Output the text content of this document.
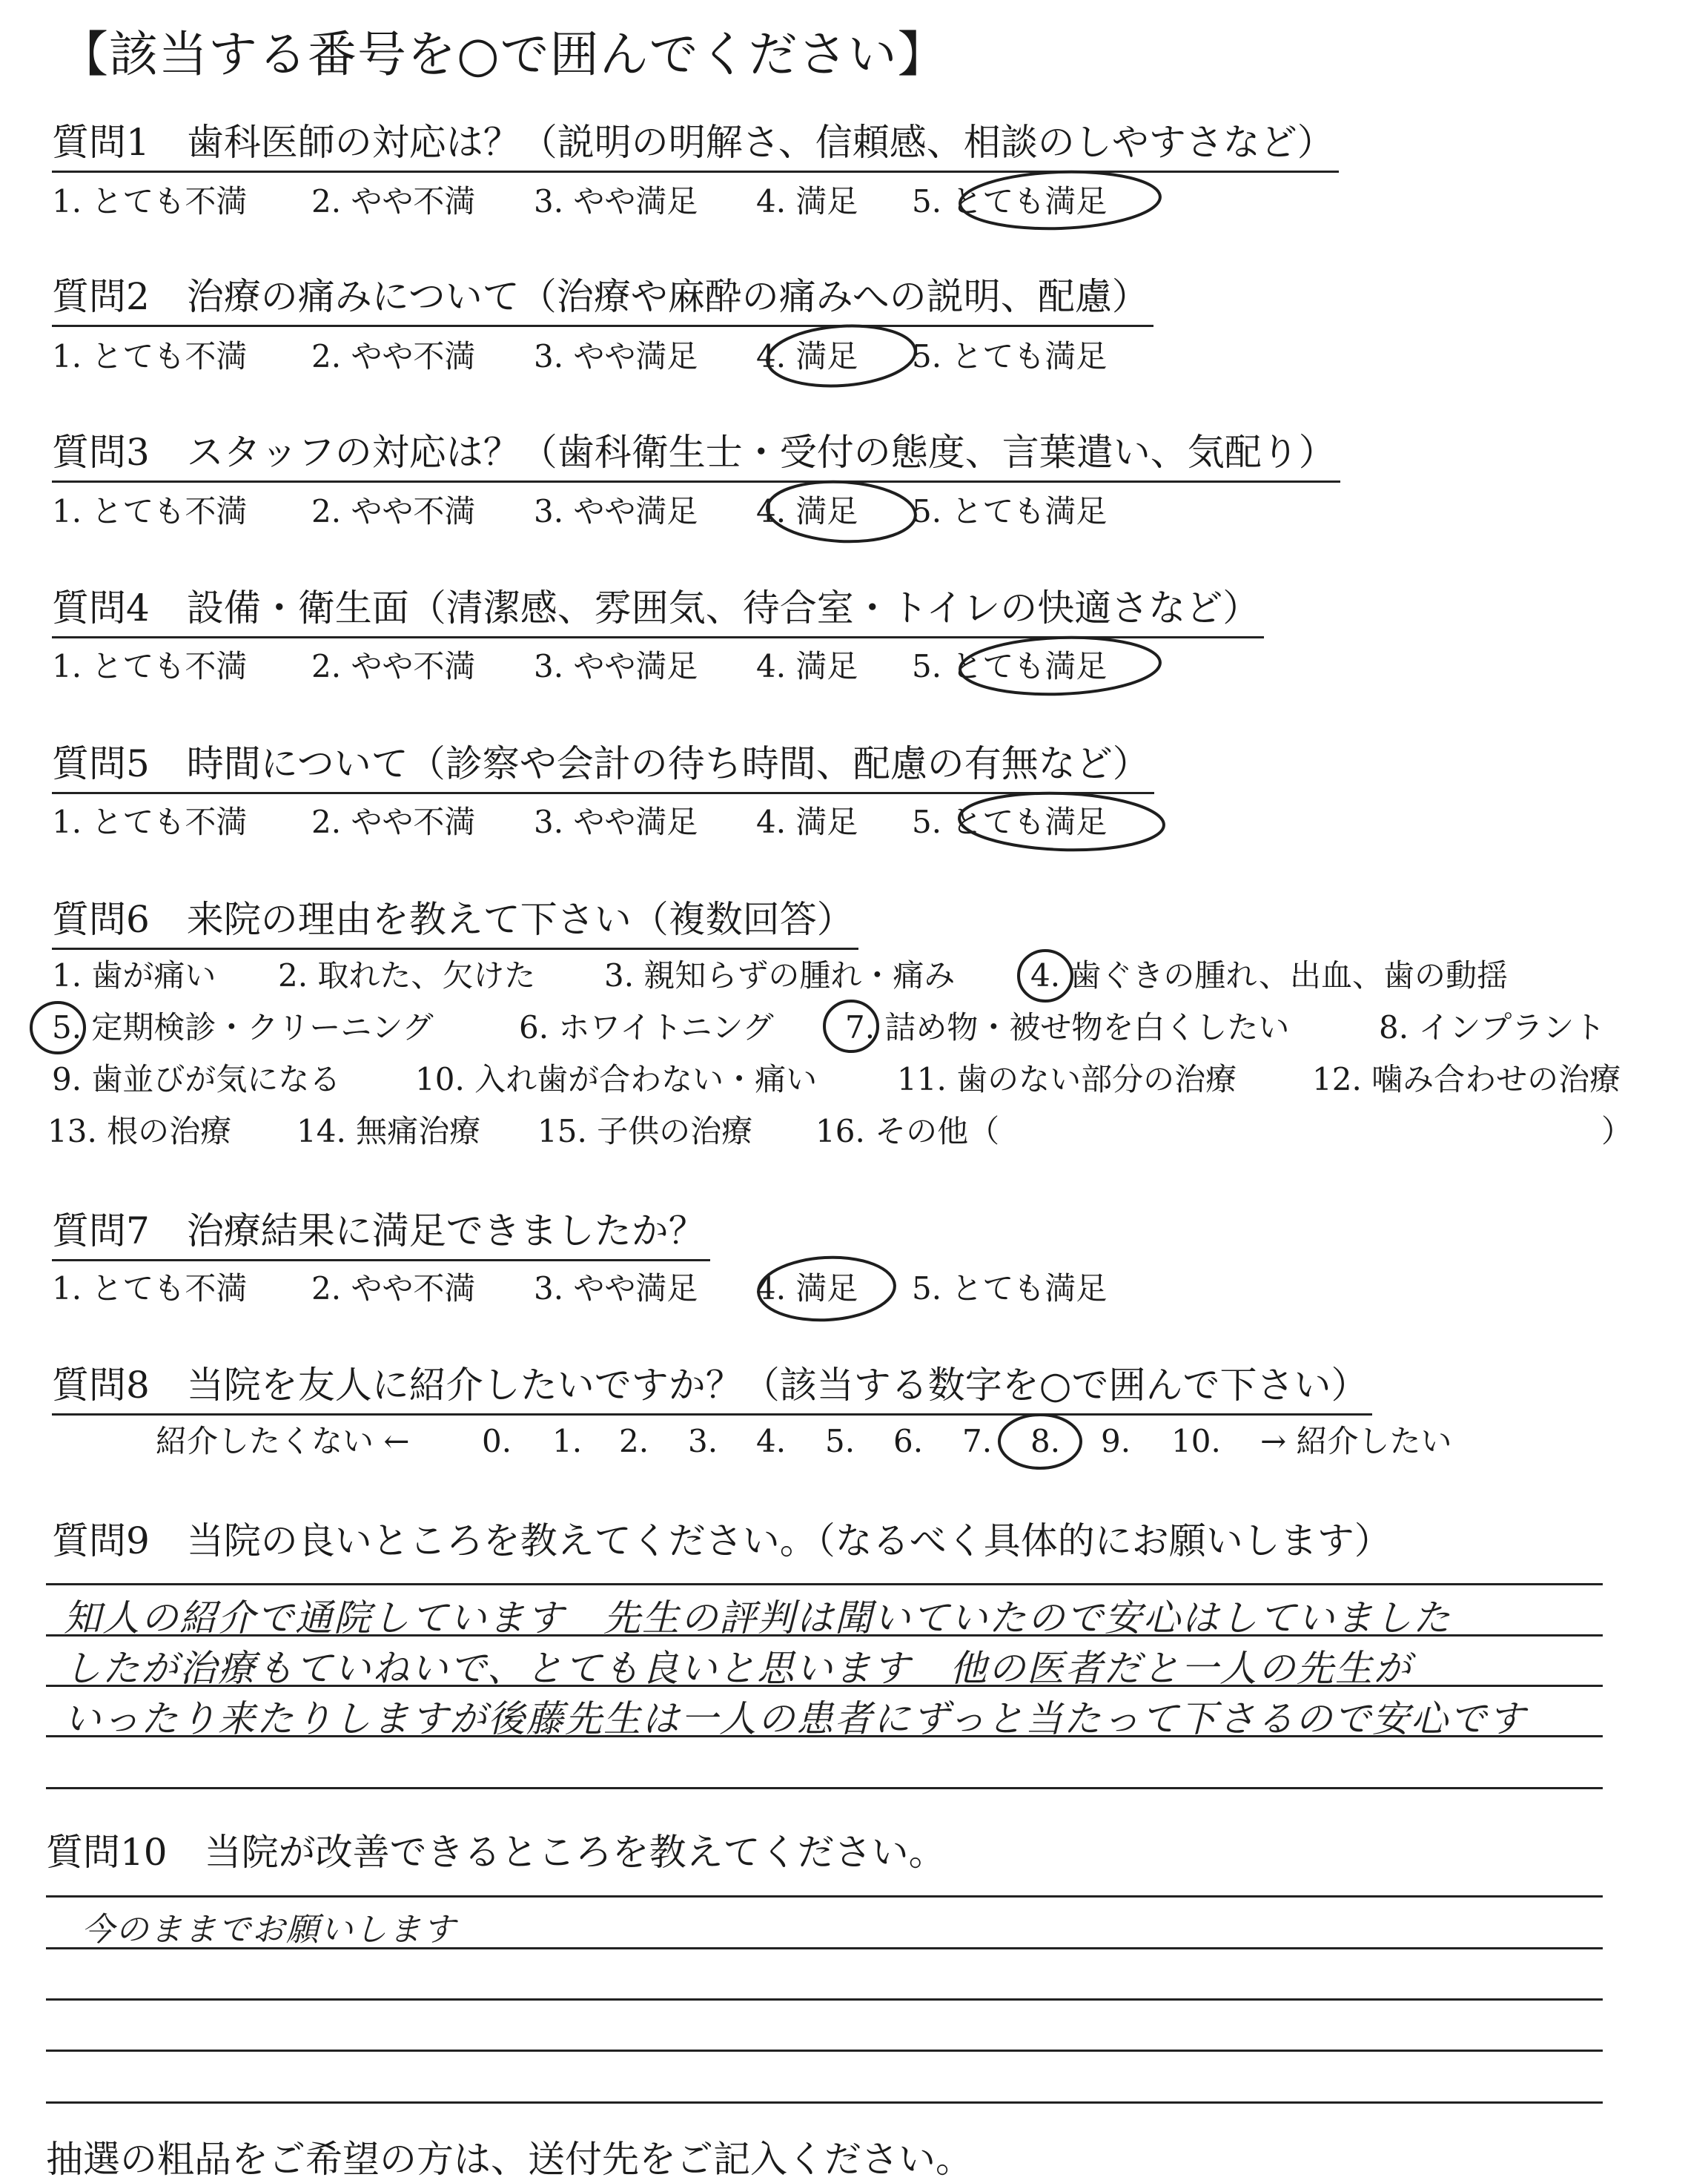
【該当する番号を○で囲んでください】
質問1　歯科医師の対応は？（説明の明解さ、信頼感、相談のしやすさなど）
1. とても不満 2. やや不満 3. やや満足 4. 満足 5. とても満足
質問2　治療の痛みについて（治療や麻酔の痛みへの説明、配慮）
1. とても不満 2. やや不満 3. やや満足 4. 満足 5. とても満足
質問3　スタッフの対応は？（歯科衛生士・受付の態度、言葉遣い、気配り）
1. とても不満 2. やや不満 3. やや満足 4. 満足 5. とても満足
質問4　設備・衛生面（清潔感、雰囲気、待合室・トイレの快適さなど）
1. とても不満 2. やや不満 3. やや満足 4. 満足 5. とても満足
質問5　時間について（診察や会計の待ち時間、配慮の有無など）
1. とても不満 2. やや不満 3. やや満足 4. 満足 5. とても満足
質問6　来院の理由を教えて下さい（複数回答）
1. 歯が痛い 2. 取れた、欠けた 3. 親知らずの腫れ・痛み 4. 歯ぐきの腫れ、出血、歯の動揺
5. 定期検診・クリーニング	6. ホワイトニング 7. 詰め物・被せ物を白くしたい	8. インプラント
9. 歯並びが気になる 10. 入れ歯が合わない・痛い	11. 歯のない部分の治療 12. 噛み合わせの治療
13. 根の治療 14. 無痛治療 15. 子供の治療 16. その他（	）
質問7　治療結果に満足できましたか？
1. とても不満 2. やや不満 3. やや満足 4. 満足 5. とても満足
質問8　当院を友人に紹介したいですか？（該当する数字を○で囲んで下さい）
紹介したくない ← 0. 1. 2. 3. 4. 5. 6. 7. 8. 9. 10. → 紹介したい
質問9　当院の良いところを教えてください。（なるべく具体的にお願いします）
知人の紹介で通院しています　先生の評判は聞いていたので安心はしていました
したが治療もていねいで、とても良いと思います　他の医者だと一人の先生が
いったり来たりしますが後藤先生は一人の患者にずっと当たって下さるので安心です
質問10　当院が改善できるところを教えてください。
今のままでお願いします
抽選の粗品をご希望の方は、送付先をご記入ください。
